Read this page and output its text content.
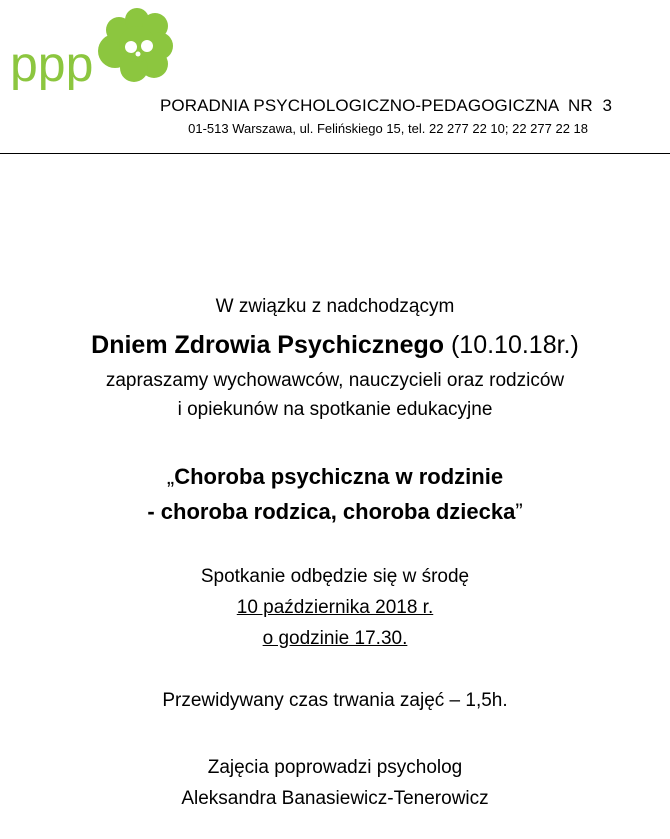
ppp
PORADNIA PSYCHOLOGICZNO-PEDAGOGICZNA  NR  3
01-513 Warszawa, ul. Felińskiego 15, tel. 22 277 22 10; 22 277 22 18
W związku z nadchodzącym
Dniem Zdrowia Psychicznego (10.10.18r.)
zapraszamy wychowawców, nauczycieli oraz rodziców
i opiekunów na spotkanie edukacyjne
„Choroba psychiczna w rodzinie
- choroba rodzica, choroba dziecka”
Spotkanie odbędzie się w środę
10 października 2018 r.
o godzinie 17.30.
Przewidywany czas trwania zajęć – 1,5h.
Zajęcia poprowadzi psycholog
Aleksandra Banasiewicz-Tenerowicz
